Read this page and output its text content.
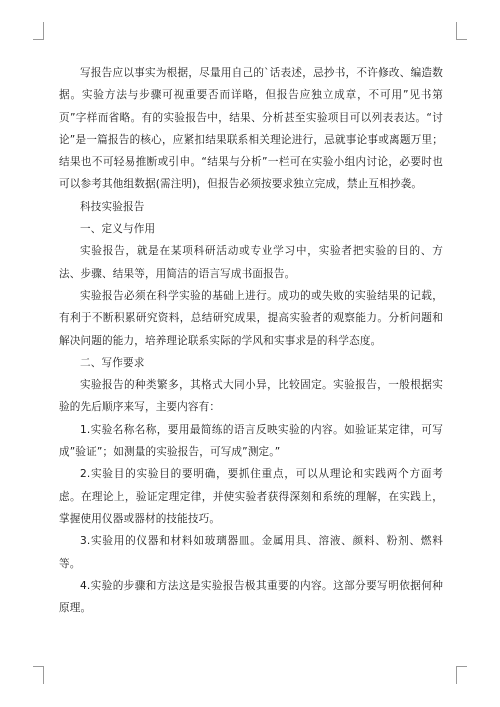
写报告应以事实为根据，尽量用自己的`话表述，忌抄书，不许修改、编造数据。实验方法与步骤可视重要否而详略，但报告应独立成章，不可用”见书第页”字样而省略。有的实验报告中，结果、分析甚至实验项目可以列表表达。“讨论”是一篇报告的核心，应紧扣结果联系相关理论进行，忌就事论事或离题万里；结果也不可轻易推断或引申。“结果与分析”一栏可在实验小组内讨论，必要时也可以参考其他组数据(需注明)，但报告必须按要求独立完成，禁止互相抄袭。

科技实验报告

一、定义与作用

实验报告，就是在某项科研活动或专业学习中，实验者把实验的目的、方法、步骤、结果等，用简洁的语言写成书面报告。

实验报告必须在科学实验的基础上进行。成功的或失败的实验结果的记载，有利于不断积累研究资料，总结研究成果，提高实验者的观察能力。分析问题和解决问题的能力，培养理论联系实际的学风和实事求是的科学态度。

二、写作要求

实验报告的种类繁多，其格式大同小异，比较固定。实验报告，一般根据实验的先后顺序来写，主要内容有：

1.实验名称名称，要用最简练的语言反映实验的内容。如验证某定律，可写成”验证”；如测量的实验报告，可写成”测定。”

2.实验目的实验目的要明确，要抓住重点，可以从理论和实践两个方面考虑。在理论上，验证定理定律，并使实验者获得深刻和系统的理解，在实践上，掌握使用仪器或器材的技能技巧。

3.实验用的仪器和材料如玻璃器皿。金属用具、溶液、颜料、粉剂、燃料等。

4.实验的步骤和方法这是实验报告极其重要的内容。这部分要写明依据何种原理。
